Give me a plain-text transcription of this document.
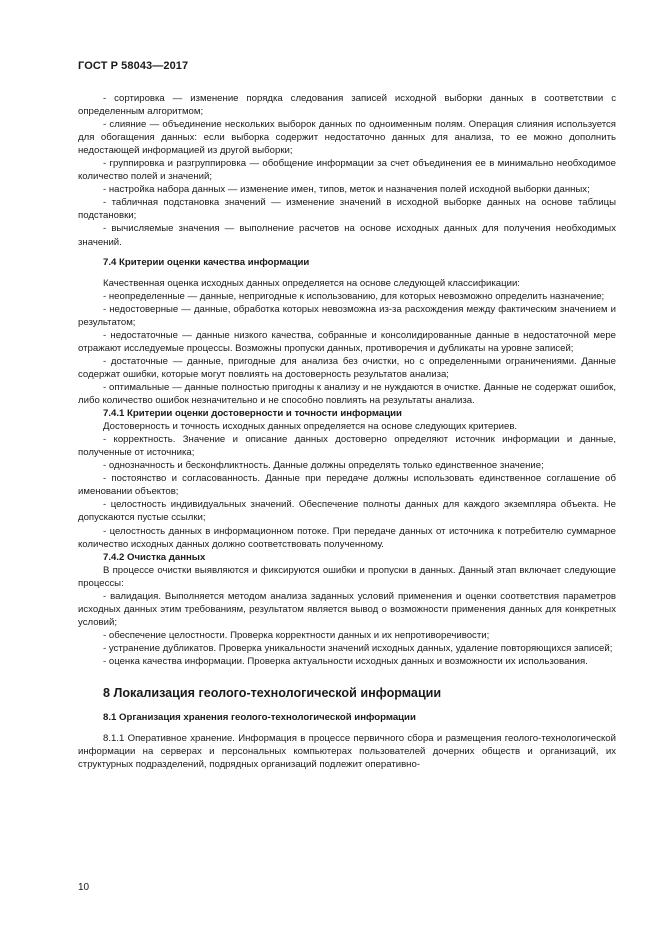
ГОСТ Р 58043—2017

- сортировка — изменение порядка следования записей исходной выборки данных в соответствии с определенным алгоритмом;

- слияние — объединение нескольких выборок данных по одноименным полям. Операция слияния используется для обогащения данных: если выборка содержит недостаточно данных для анализа, то ее можно дополнить недостающей информацией из другой выборки;

- группировка и разгруппировка — обобщение информации за счет объединения ее в минимально необходимое количество полей и значений;

- настройка набора данных — изменение имен, типов, меток и назначения полей исходной выборки данных;

- табличная подстановка значений — изменение значений в исходной выборке данных на основе таблицы подстановки;

- вычисляемые значения — выполнение расчетов на основе исходных данных для получения необходимых значений.

7.4 Критерии оценки качества информации

Качественная оценка исходных данных определяется на основе следующей классификации:

- неопределенные — данные, непригодные к использованию, для которых невозможно определить назначение;

- недостоверные — данные, обработка которых невозможна из-за расхождения между фактическим значением и результатом;

- недостаточные — данные низкого качества, собранные и консолидированные данные в недостаточной мере отражают исследуемые процессы. Возможны пропуски данных, противоречия и дубликаты на уровне записей;

- достаточные — данные, пригодные для анализа без очистки, но с определенными ограничениями. Данные содержат ошибки, которые могут повлиять на достоверность результатов анализа;

- оптимальные — данные полностью пригодны к анализу и не нуждаются в очистке. Данные не содержат ошибок, либо количество ошибок незначительно и не способно повлиять на результаты анализа.

7.4.1 Критерии оценки достоверности и точности информации

Достоверность и точность исходных данных определяется на основе следующих критериев.

- корректность. Значение и описание данных достоверно определяют источник информации и данные, полученные от источника;

- однозначность и бесконфликтность. Данные должны определять только единственное значение;

- постоянство и согласованность. Данные при передаче должны использовать единственное соглашение об именовании объектов;

- целостность индивидуальных значений. Обеспечение полноты данных для каждого экземпляра объекта. Не допускаются пустые ссылки;

- целостность данных в информационном потоке. При передаче данных от источника к потребителю суммарное количество исходных данных должно соответствовать полученному.

7.4.2 Очистка данных

В процессе очистки выявляются и фиксируются ошибки и пропуски в данных. Данный этап включает следующие процессы:

- валидация. Выполняется методом анализа заданных условий применения и оценки соответствия параметров исходных данных этим требованиям, результатом является вывод о возможности применения данных для конкретных условий;

- обеспечение целостности. Проверка корректности данных и их непротиворечивости;

- устранение дубликатов. Проверка уникальности значений исходных данных, удаление повторяющихся записей;

- оценка качества информации. Проверка актуальности исходных данных и возможности их использования.

8 Локализация геолого-технологической информации

8.1 Организация хранения геолого-технологической информации

8.1.1 Оперативное хранение. Информация в процессе первичного сбора и размещения геолого-технологической информации на серверах и персональных компьютерах пользователей дочерних обществ и организаций, их структурных подразделений, подрядных организаций подлежит оперативно-

10
